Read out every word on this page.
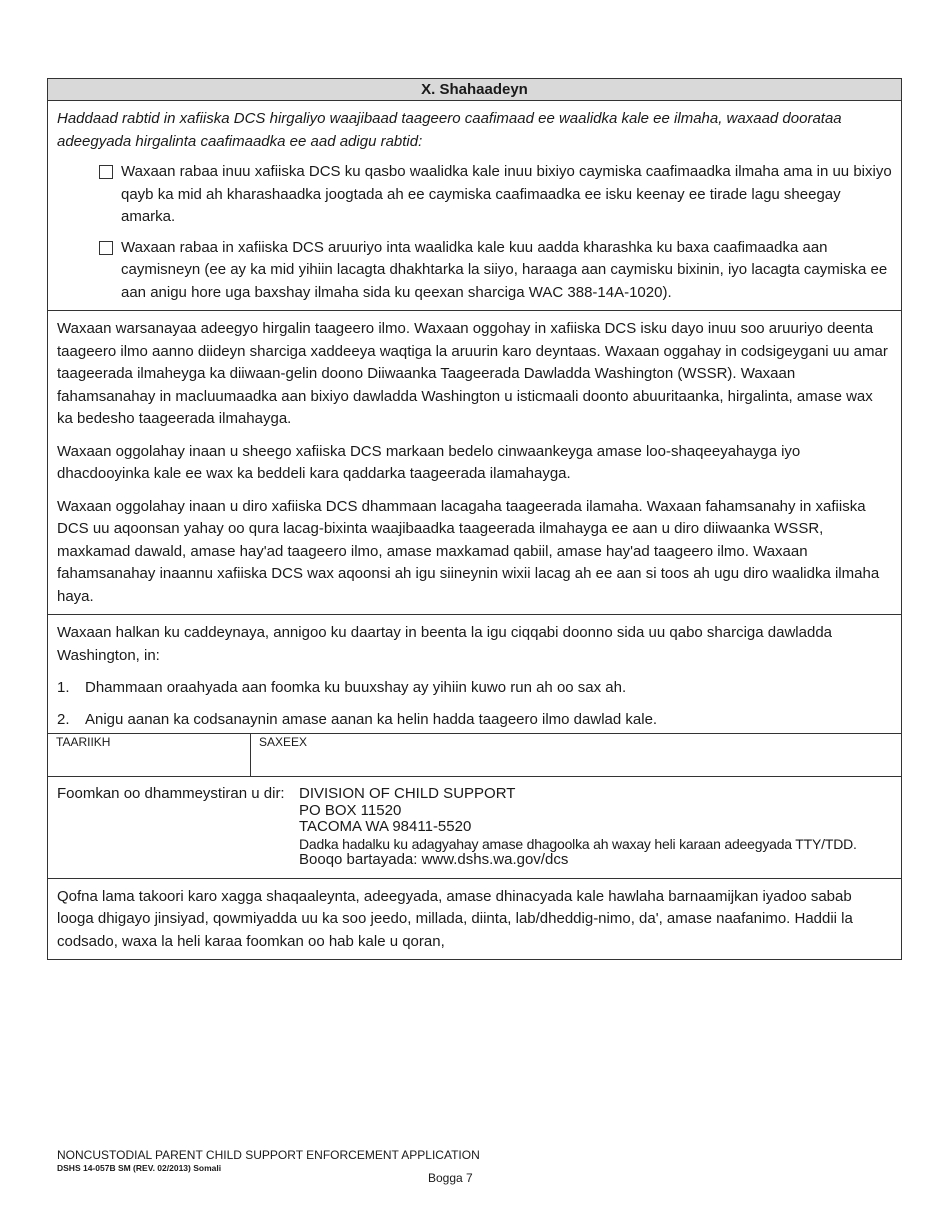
X. Shahaadeyn
Haddaad rabtid in xafiiska DCS hirgaliyo waajibaad taageero caafimaad ee waalidka kale ee ilmaha, waxaad doorataa adeegyada hirgalinta caafimaadka ee aad adigu rabtid:
Waxaan rabaa inuu xafiiska DCS ku qasbo waalidka kale inuu bixiyo caymiska caafimaadka ilmaha ama in uu bixiyo qayb ka mid ah kharashaadka joogtada ah ee caymiska caafimaadka ee isku keenay ee tirade lagu sheegay amarka.
Waxaan rabaa in xafiiska DCS aruuriyo inta waalidka kale kuu aadda kharashka ku baxa caafimaadka aan caymisneyn (ee ay ka mid yihiin lacagta dhakhtarka la siiyo, haraaga aan caymisku bixinin, iyo lacagta caymiska ee aan anigu hore uga baxshay ilmaha sida ku qeexan sharciga WAC 388-14A-1020).

Waxaan warsanayaa adeegyo hirgalin taageero ilmo. Waxaan oggohay in xafiiska DCS isku dayo inuu soo aruuriyo deenta taageero ilmo aanno diideyn sharciga xaddeeya waqtiga la aruurin karo deyntaas. Waxaan oggahay in codsigeygani uu amar taageerada ilmaheyga ka diiwaan-gelin doono Diiwaanka Taageerada Dawladda Washington (WSSR). Waxaan fahamsanahay in macluumaadka aan bixiyo dawladda Washington u isticmaali doonto abuuritaanka, hirgalinta, amase wax ka bedesho taageerada ilmahayga.

Waxaan oggolahay inaan u sheego xafiiska DCS markaan bedelo cinwaankeyga amase loo-shaqeeyahayga iyo dhacdooyinka kale ee wax ka beddeli kara qaddarka taageerada ilamahayga.

Waxaan oggolahay inaan u diro xafiiska DCS dhammaan lacagaha taageerada ilamaha. Waxaan fahamsanahy in xafiiska DCS uu aqoonsan yahay oo qura lacag-bixinta waajibaadka taageerada ilmahayga ee aan u diro diiwaanka WSSR, maxkamad dawald, amase hay'ad taageero ilmo, amase maxkamad qabiil, amase hay'ad taageero ilmo. Waxaan fahamsanahay inaannu xafiiska DCS wax aqoonsi ah igu siineynin wixii lacag ah ee aan si toos ah ugu diro waalidka ilmaha haya.

Waxaan halkan ku caddeynaya, annigoo ku daartay in beenta la igu ciqqabi doonno sida uu qabo sharciga dawladda Washington, in:

1.	Dhammaan oraahyada aan foomka ku buuxshay ay yihiin kuwo run ah oo sax ah.
2.	Anigu aanan ka codsanaynin amase aanan ka helin hadda taageero ilmo dawlad kale.
TAARIIKH	SAXEEX
Foomkan oo dhammeystiran u dir: DIVISION OF CHILD SUPPORT
PO BOX 11520
TACOMA WA 98411-5520
Dadka hadalku ku adagyahay amase dhagoolka ah waxay heli karaan adeegyada TTY/TDD.
Booqo bartayada: www.dshs.wa.gov/dcs

Qofna lama takoori karo xagga shaqaaleynta, adeegyada, amase dhinacyada kale hawlaha barnaamijkan iyadoo sabab looga dhigayo jinsiyad, qowmiyadda uu ka soo jeedo, millada, diinta, lab/dheddig-nimo, da', amase naafanimo. Haddii la codsado, waxa la heli karaa foomkan oo hab kale u qoran,

NONCUSTODIAL PARENT CHILD SUPPORT ENFORCEMENT APPLICATION
DSHS 14-057B SM (REV. 02/2013) Somali
Bogga 7
